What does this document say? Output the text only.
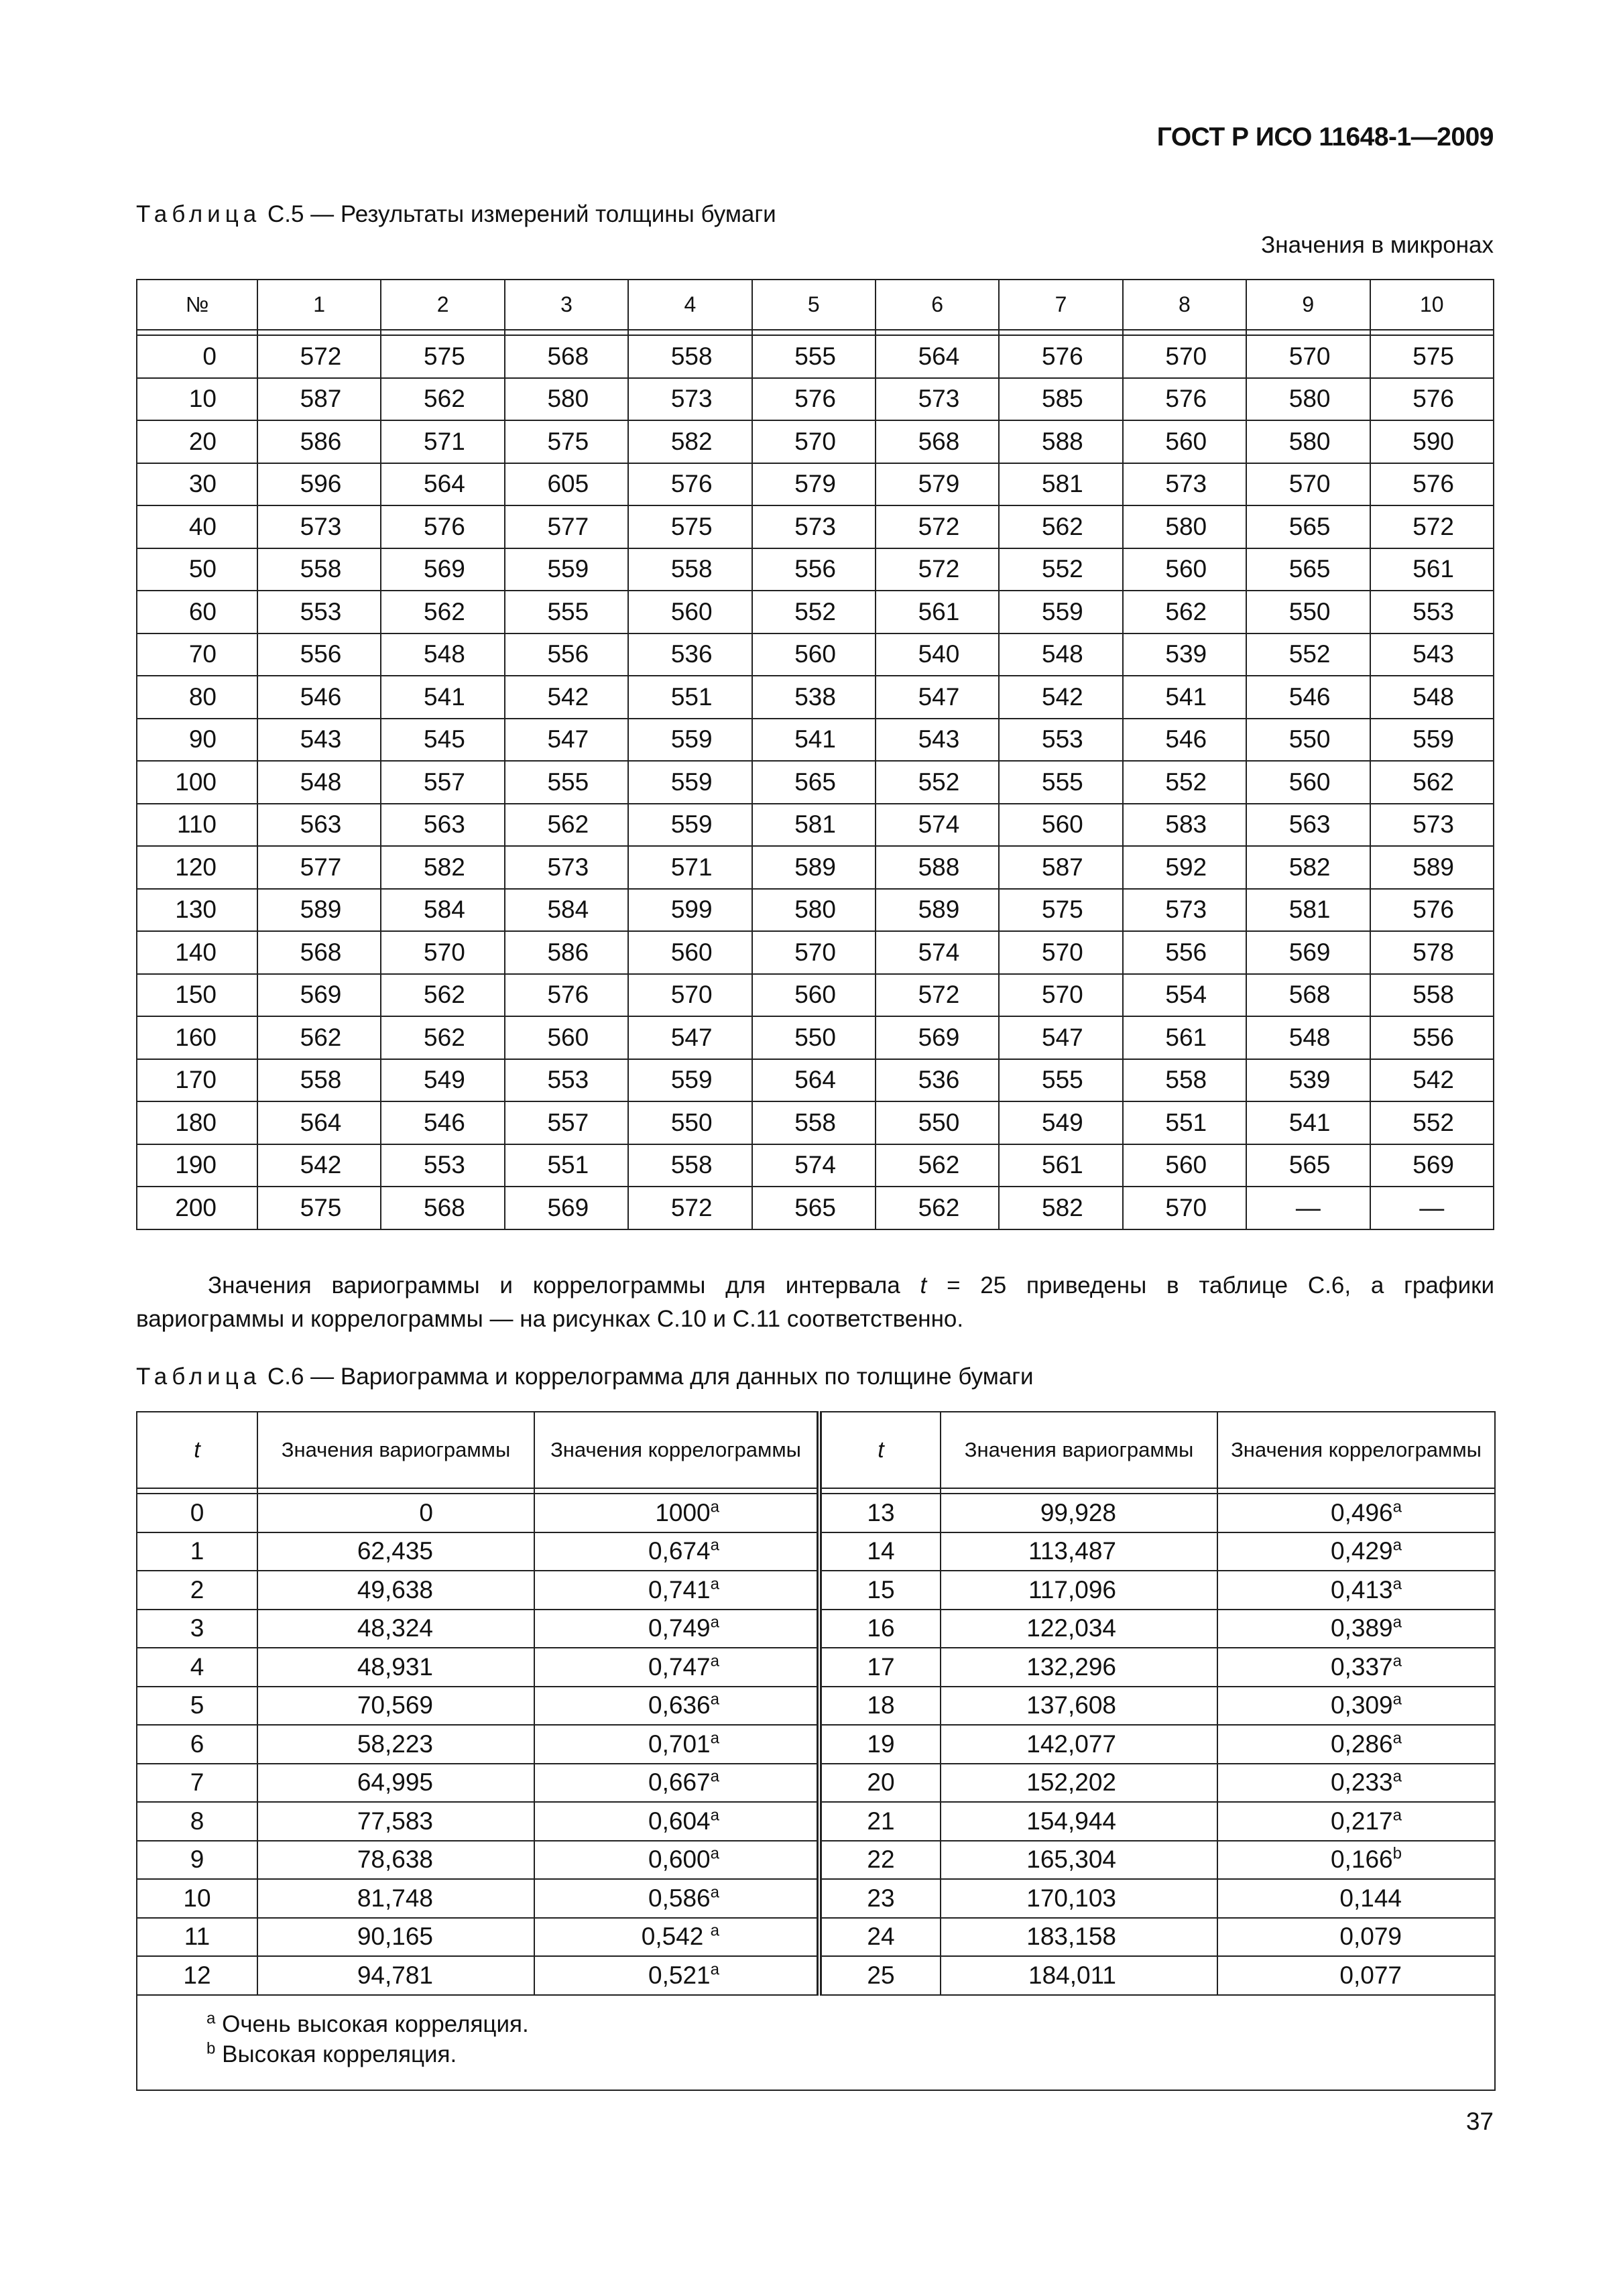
ГОСТ Р ИСО 11648-1—2009
Таблица С.5 — Результаты измерений толщины бумаги
Значения в микронах
№	1	2	3	4	5	6	7	8	9	10

0	572	575	568	558	555	564	576	570	570	575
10	587	562	580	573	576	573	585	576	580	576
20	586	571	575	582	570	568	588	560	580	590
30	596	564	605	576	579	579	581	573	570	576
40	573	576	577	575	573	572	562	580	565	572
50	558	569	559	558	556	572	552	560	565	561
60	553	562	555	560	552	561	559	562	550	553
70	556	548	556	536	560	540	548	539	552	543
80	546	541	542	551	538	547	542	541	546	548
90	543	545	547	559	541	543	553	546	550	559
100	548	557	555	559	565	552	555	552	560	562
110	563	563	562	559	581	574	560	583	563	573
120	577	582	573	571	589	588	587	592	582	589
130	589	584	584	599	580	589	575	573	581	576
140	568	570	586	560	570	574	570	556	569	578
150	569	562	576	570	560	572	570	554	568	558
160	562	562	560	547	550	569	547	561	548	556
170	558	549	553	559	564	536	555	558	539	542
180	564	546	557	550	558	550	549	551	541	552
190	542	553	551	558	574	562	561	560	565	569
200	575	568	569	572	565	562	582	570	—	—
Значения вариограммы и коррелограммы для интервала t = 25 приведены в таблице С.6, а графики
вариограммы и коррелограммы — на рисунках С.10 и С.11 соответственно.
Таблица С.6 — Вариограмма и коррелограмма для данных по толщине бумаги
t	Значения вариограммы	Значения коррелограммы	t	Значения вариограммы	Значения коррелограммы

0	0	1000$^a$	13	99,928	0,496$^a$
1	62,435	0,674$^a$	14	113,487	0,429$^a$
2	49,638	0,741$^a$	15	117,096	0,413$^a$
3	48,324	0,749$^a$	16	122,034	0,389$^a$
4	48,931	0,747$^a$	17	132,296	0,337$^a$
5	70,569	0,636$^a$	18	137,608	0,309$^a$
6	58,223	0,701$^a$	19	142,077	0,286$^a$
7	64,995	0,667$^a$	20	152,202	0,233$^a$
8	77,583	0,604$^a$	21	154,944	0,217$^a$
9	78,638	0,600$^a$	22	165,304	0,166$^b$
10	81,748	0,586$^a$	23	170,103	0,144
11	90,165	0,542 $^a$	24	183,158	0,079
12	94,781	0,521$^a$	25	184,011	0,077

$^a$ Очень высокая корреляция.
$^b$ Высокая корреляция.					
37
